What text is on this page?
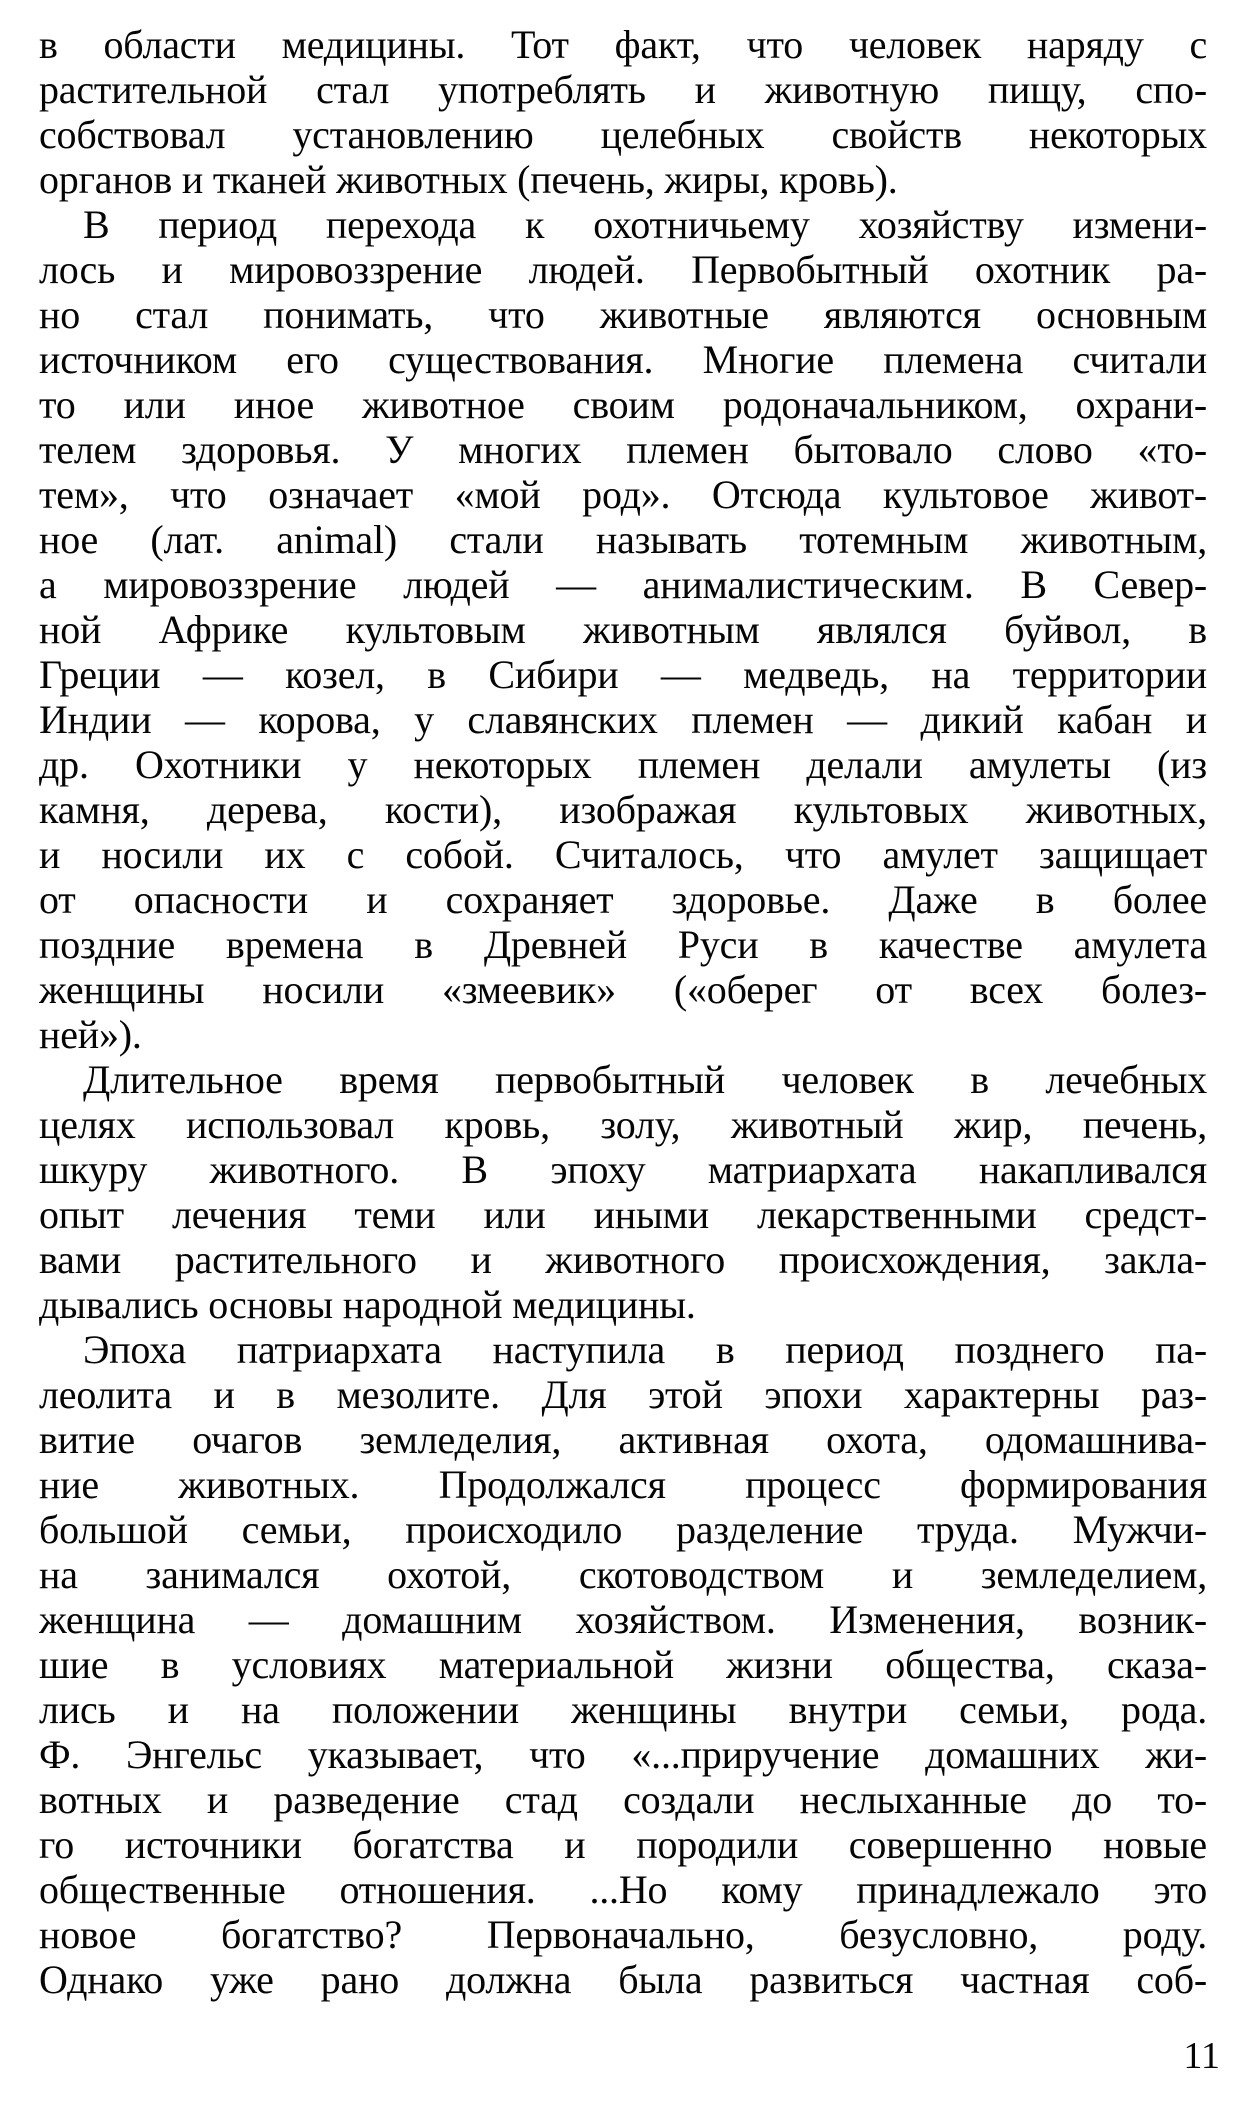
в области медицины. Тот факт, что человек наряду с
растительной стал употреблять и животную пищу, спо-
собствовал установлению целебных свойств некоторых
органов и тканей животных (печень, жиры, кровь).
В период перехода к охотничьему хозяйству измени-
лось и мировоззрение людей. Первобытный охотник ра-
но стал понимать, что животные являются основным
источником его существования. Многие племена считали
то или иное животное своим родоначальником, охрани-
телем здоровья. У многих племен бытовало слово «то-
тем», что означает «мой род». Отсюда культовое живот-
ное (лат. animal) стали называть тотемным животным,
а мировоззрение людей — анималистическим. В Север-
ной Африке культовым животным являлся буйвол, в
Греции — козел, в Сибири — медведь, на территории
Индии — корова, у славянских племен — дикий кабан и
др. Охотники у некоторых племен делали амулеты (из
камня, дерева, кости), изображая культовых животных,
и носили их с собой. Считалось, что амулет защищает
от опасности и сохраняет здоровье. Даже в более
поздние времена в Древней Руси в качестве амулета
женщины носили «змеевик» («оберег от всех болез-
ней»).
Длительное время первобытный человек в лечебных
целях использовал кровь, золу, животный жир, печень,
шкуру животного. В эпоху матриархата накапливался
опыт лечения теми или иными лекарственными средст-
вами растительного и животного происхождения, закла-
дывались основы народной медицины.
Эпоха патриархата наступила в период позднего па-
леолита и в мезолите. Для этой эпохи характерны раз-
витие очагов земледелия, активная охота, одомашнива-
ние животных. Продолжался процесс формирования
большой семьи, происходило разделение труда. Мужчи-
на занимался охотой, скотоводством и земледелием,
женщина — домашним хозяйством. Изменения, возник-
шие в условиях материальной жизни общества, сказа-
лись и на положении женщины внутри семьи, рода.
Ф. Энгельс указывает, что «...приручение домашних жи-
вотных и разведение стад создали неслыханные до то-
го источники богатства и породили совершенно новые
общественные отношения. ...Но кому принадлежало это
новое богатство? Первоначально, безусловно, роду.
Однако уже рано должна была развиться частная соб-
11
